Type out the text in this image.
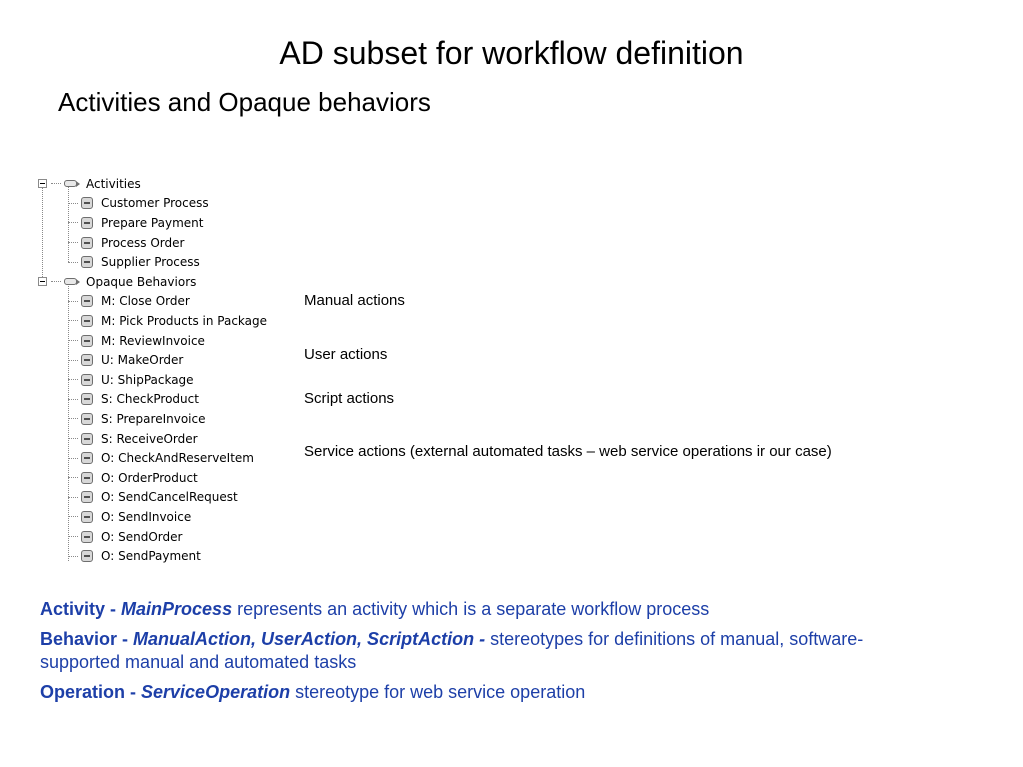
AD subset for workflow definition
Activities and Opaque behaviors
Activities
Customer Process
Prepare Payment
Process Order
Supplier Process
Opaque Behaviors
M: Close Order
M: Pick Products in Package
M: ReviewInvoice
U: MakeOrder
U: ShipPackage
S: CheckProduct
S: PrepareInvoice
S: ReceiveOrder
O: CheckAndReserveItem
O: OrderProduct
O: SendCancelRequest
O: SendInvoice
O: SendOrder
O: SendPayment
Manual actions
User actions
Script actions
Service actions (external automated tasks – web service operations ir our case)

Activity - MainProcess represents an activity which is a separate workflow process

Behavior - ManualAction, UserAction, ScriptAction - stereotypes for definitions of manual, software-supported manual and automated tasks

Operation - ServiceOperation stereotype for web service operation
